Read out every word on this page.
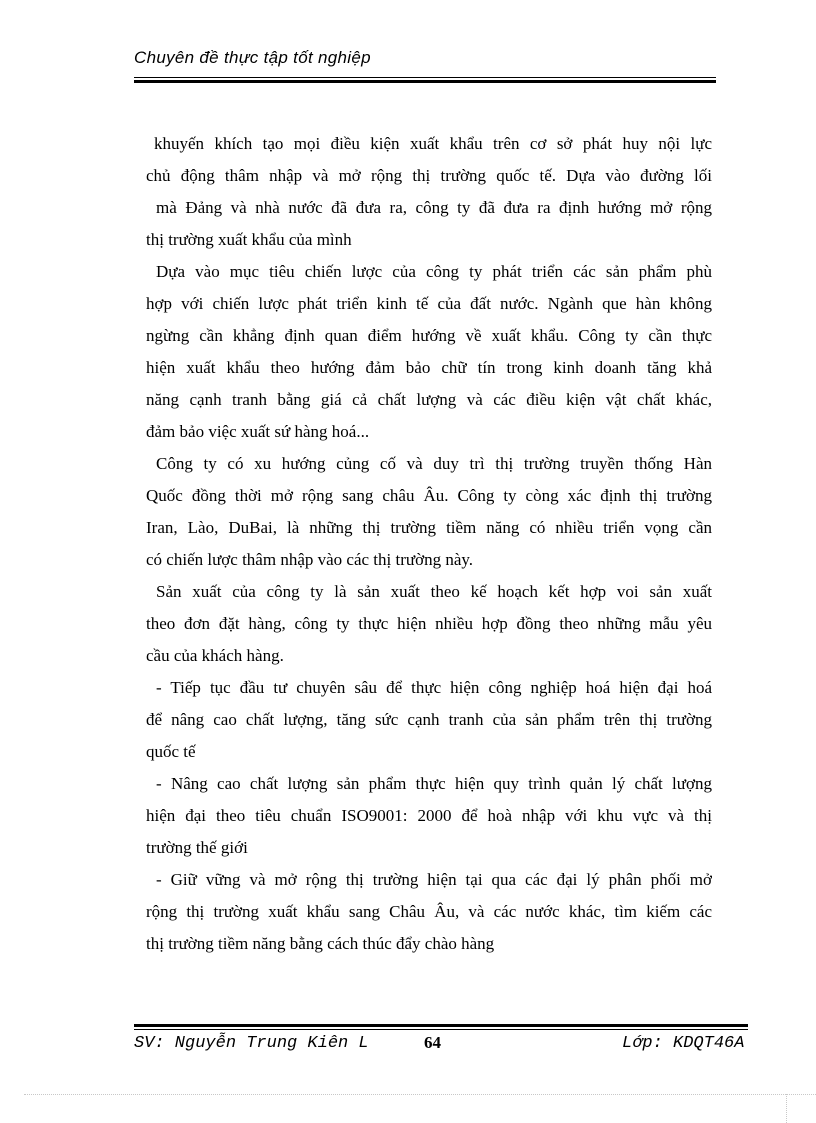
Chuyên đề thực tập tốt nghiệp
khuyến khích tạo mọi điều kiện xuất khẩu trên cơ sở phát huy nội lực
chủ động thâm nhập và mở rộng thị trường quốc tế. Dựa vào đường lối
mà Đảng và nhà nước đã đưa ra, công ty đã đưa ra định hướng mở rộng
thị trường xuất khẩu của mình
Dựa vào mục tiêu chiến lược của công ty phát triển các sản phẩm phù
hợp với chiến lược phát triển kinh tế của đất nước. Ngành que hàn không
ngừng cần khẳng định quan điểm hướng về xuất khẩu. Công ty cần thực
hiện xuất khẩu theo hướng đảm bảo chữ tín trong kinh doanh tăng khả
năng cạnh tranh bằng giá cả chất lượng và các điều kiện vật chất khác,
đảm bảo việc xuất sứ hàng hoá...
Công ty có xu hướng củng cố và duy trì thị trường truyền thống Hàn
Quốc đồng thời mở rộng sang châu Âu. Công ty còng xác định thị trường
Iran, Lào, DuBai, là những thị trường tiềm năng có nhiều triển vọng cần
có chiến lược thâm nhập vào các thị trường này.
Sản xuất của công ty là sản xuất theo kế hoạch kết hợp voi sản xuất
theo đơn đặt hàng, công ty thực hiện nhiều hợp đồng theo những mẫu yêu
cầu của khách hàng.
- Tiếp tục đầu tư chuyên sâu để thực hiện công nghiệp hoá hiện đại hoá
để nâng cao chất lượng, tăng sức cạnh tranh của sản phẩm trên thị trường
quốc tế
- Nâng cao chất lượng sản phẩm thực hiện quy trình quản lý chất lượng
hiện đại theo tiêu chuẩn ISO9001: 2000 để hoà nhập với khu vực và thị
trường thế giới
- Giữ vững và mở rộng thị trường hiện tại qua các đại lý phân phối mở
rộng thị trường xuất khẩu sang Châu Âu, và các nước khác, tìm kiếm các
thị trường tiềm năng bằng cách thúc đẩy chào hàng
SV: Nguyễn Trung Kiên L	64	Lớp: KDQT46A
